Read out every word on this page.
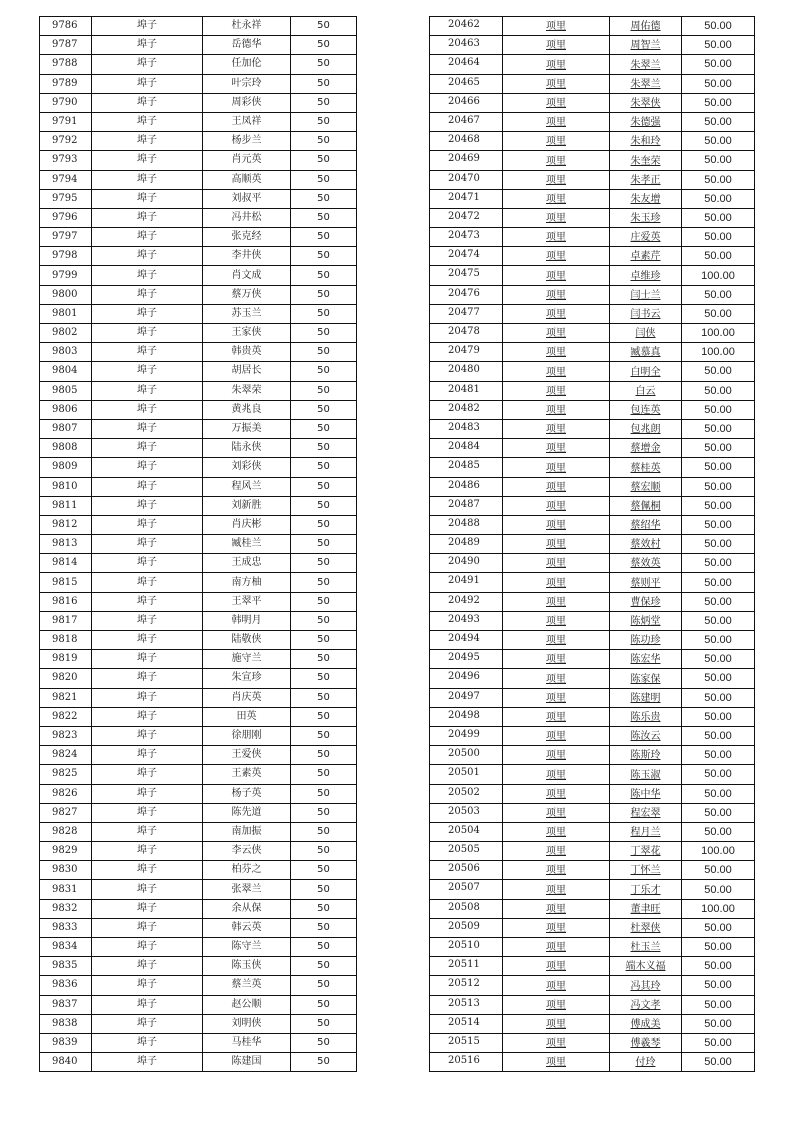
9786	埠子	杜永祥	50
9787	埠子	岳德华	50
9788	埠子	任加伦	50
9789	埠子	叶宗玲	50
9790	埠子	周彩侠	50
9791	埠子	王凤祥	50
9792	埠子	杨步兰	50
9793	埠子	肖元英	50
9794	埠子	高顺英	50
9795	埠子	刘叔平	50
9796	埠子	冯井松	50
9797	埠子	张克经	50
9798	埠子	李井侠	50
9799	埠子	肖文成	50
9800	埠子	蔡万侠	50
9801	埠子	苏玉兰	50
9802	埠子	王家侠	50
9803	埠子	韩贵英	50
9804	埠子	胡居长	50
9805	埠子	朱翠荣	50
9806	埠子	黄兆良	50
9807	埠子	万振美	50
9808	埠子	陆永侠	50
9809	埠子	刘彩侠	50
9810	埠子	程风兰	50
9811	埠子	刘新胜	50
9812	埠子	肖庆彬	50
9813	埠子	臧桂兰	50
9814	埠子	王成忠	50
9815	埠子	南方柚	50
9816	埠子	王翠平	50
9817	埠子	韩明月	50
9818	埠子	陆敬侠	50
9819	埠子	施守兰	50
9820	埠子	朱宣珍	50
9821	埠子	肖庆英	50
9822	埠子	田英	50
9823	埠子	徐朋刚	50
9824	埠子	王爱侠	50
9825	埠子	王素英	50
9826	埠子	杨子英	50
9827	埠子	陈先道	50
9828	埠子	南加振	50
9829	埠子	李云侠	50
9830	埠子	柏芬之	50
9831	埠子	张翠兰	50
9832	埠子	余从保	50
9833	埠子	韩云英	50
9834	埠子	陈守兰	50
9835	埠子	陈玉侠	50
9836	埠子	蔡兰英	50
9837	埠子	赵公顺	50
9838	埠子	刘明侠	50
9839	埠子	马桂华	50
9840	埠子	陈建国	50
20462	项里	周佑德	50.00
20463	项里	周智兰	50.00
20464	项里	朱翠兰	50.00
20465	项里	朱翠兰	50.00
20466	项里	朱翠侠	50.00
20467	项里	朱德强	50.00
20468	项里	朱和玲	50.00
20469	项里	朱奎荣	50.00
20470	项里	朱孝正	50.00
20471	项里	朱友增	50.00
20472	项里	朱玉珍	50.00
20473	项里	庄爱英	50.00
20474	项里	卓素芹	50.00
20475	项里	卓维珍	100.00
20476	项里	闫士兰	50.00
20477	项里	闫书云	50.00
20478	项里	闫侠	100.00
20479	项里	臧慕真	100.00
20480	项里	白明全	50.00
20481	项里	白云	50.00
20482	项里	包连英	50.00
20483	项里	包兆朗	50.00
20484	项里	蔡增金	50.00
20485	项里	蔡桂英	50.00
20486	项里	蔡宏顺	50.00
20487	项里	蔡佩桐	50.00
20488	项里	蔡绍华	50.00
20489	项里	蔡效村	50.00
20490	项里	蔡效英	50.00
20491	项里	蔡则平	50.00
20492	项里	曹保珍	50.00
20493	项里	陈炳堂	50.00
20494	项里	陈功珍	50.00
20495	项里	陈宏华	50.00
20496	项里	陈家保	50.00
20497	项里	陈建明	50.00
20498	项里	陈乐贵	50.00
20499	项里	陈汝云	50.00
20500	项里	陈斯玲	50.00
20501	项里	陈玉淑	50.00
20502	项里	陈中华	50.00
20503	项里	程宏翠	50.00
20504	项里	程月兰	50.00
20505	项里	丁翠花	100.00
20506	项里	丁怀兰	50.00
20507	项里	丁乐才	50.00
20508	项里	董聿旺	100.00
20509	项里	杜翠侠	50.00
20510	项里	杜玉兰	50.00
20511	项里	端木义福	50.00
20512	项里	冯其玲	50.00
20513	项里	冯文孝	50.00
20514	项里	傅成美	50.00
20515	项里	傅羲琴	50.00
20516	项里	付玲	50.00
